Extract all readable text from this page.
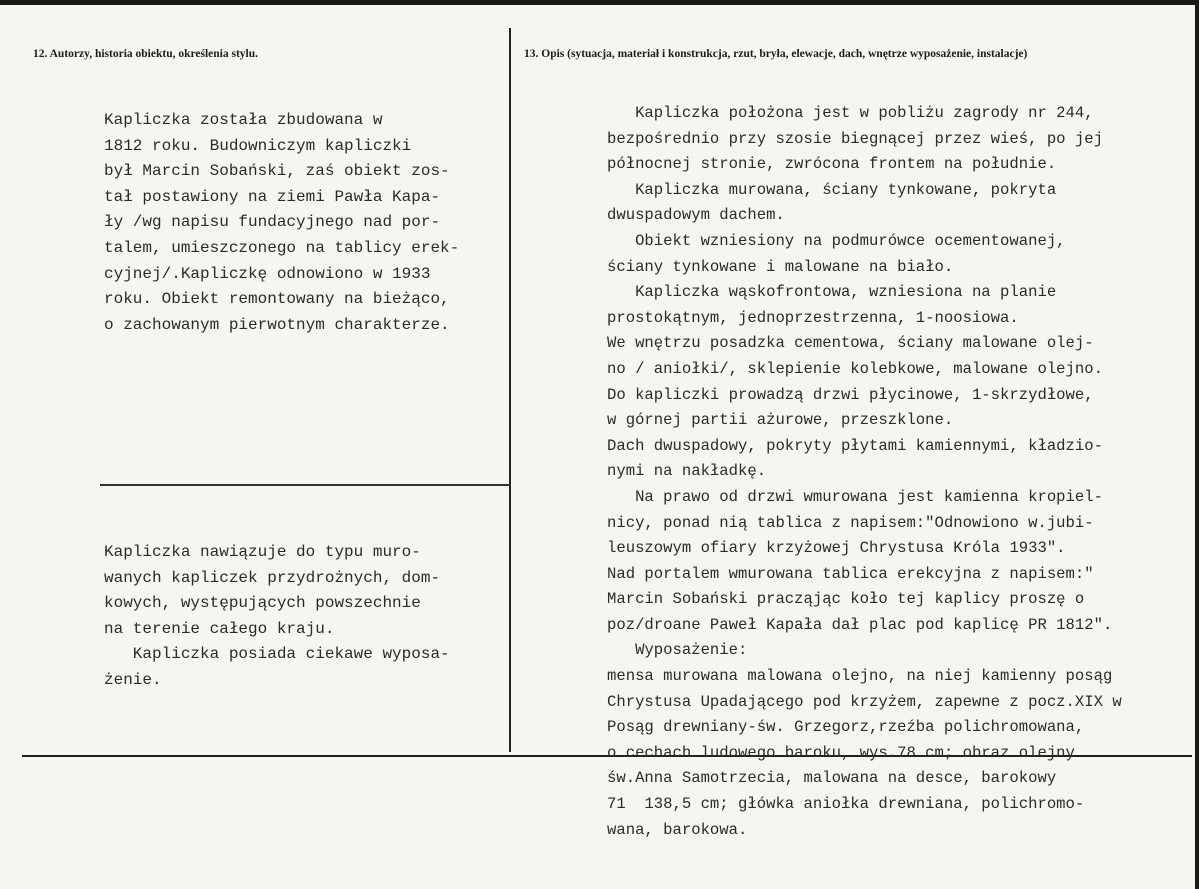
12. Autorzy, historia obiektu, określenia stylu.	13. Opis (sytuacja, materiał i konstrukcja, rzut, bryła, elewacje, dach, wnętrze wyposażenie, instalacje)
Kapliczka została zbudowana w
1812 roku. Budowniczym kapliczki
był Marcin Sobański, zaś obiekt zos-
tał postawiony na ziemi Pawła Kapa-
ły /wg napisu fundacyjnego nad por-
talem, umieszczonego na tablicy erek-
cyjnej/.Kapliczkę odnowiono w 1933
roku. Obiekt remontowany na bieżąco,
o zachowanym pierwotnym charakterze.
Kapliczka nawiązuje do typu muro-
wanych kapliczek przydrożnych, dom-
kowych, występujących powszechnie
na terenie całego kraju.
Kapliczka posiada ciekawe wyposa-
żenie.
Kapliczka położona jest w pobliżu zagrody nr 244,
bezpośrednio przy szosie biegnącej przez wieś, po jej
północnej stronie, zwrócona frontem na południe.
Kapliczka murowana, ściany tynkowane, pokryta
dwuspadowym dachem.
Obiekt wzniesiony na podmurówce ocementowanej,
ściany tynkowane i malowane na biało.
Kapliczka wąskofrontowa, wzniesiona na planie
prostokątnym, jednoprzestrzenna, 1-noosiowa.
We wnętrzu posadzka cementowa, ściany malowane olej-
no / aniołki/, sklepienie kolebkowe, malowane olejno.
Do kapliczki prowadzą drzwi płycinowe, 1-skrzydłowe,
w górnej partii ażurowe, przeszklone.
Dach dwuspadowy, pokryty płytami kamiennymi, kładzio-
nymi na nakładkę.
Na prawo od drzwi wmurowana jest kamienna kropiel-
nicy, ponad nią tablica z napisem:"Odnowiono w.jubi-
leuszowym ofiary krzyżowej Chrystusa Króla 1933".
Nad portalem wmurowana tablica erekcyjna z napisem:"
Marcin Sobański pracząjąc koło tej kaplicy proszę o
poz/droane Paweł Kapała dał plac pod kaplicę PR 1812".
Wyposażenie:
mensa murowana malowana olejno, na niej kamienny posąg
Chrystusa Upadającego pod krzyżem, zapewne z pocz.XIX w
Posąg drewniany-św. Grzegorz,rzeźba polichromowana,
o cechach ludowego baroku, wys.78 cm; obraz olejny
św.Anna Samotrzecia, malowana na desce, barokowy
71  138,5 cm; główka aniołka drewniana, polichromo-
wana, barokowa.
